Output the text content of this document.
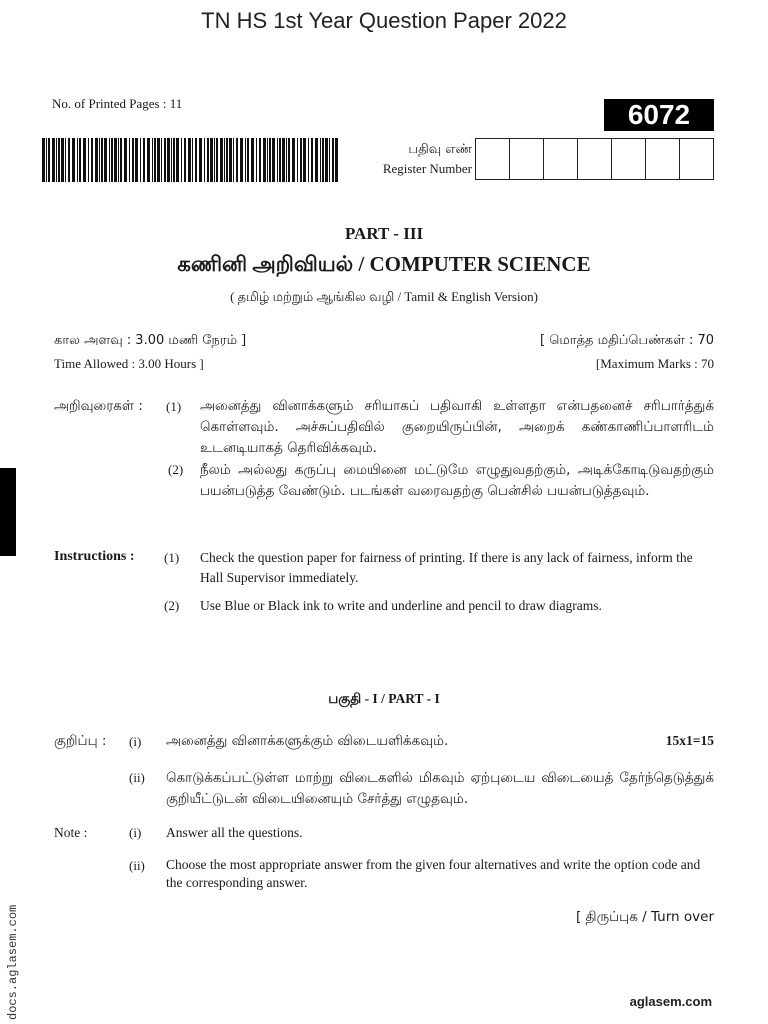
TN HS 1st Year Question Paper 2022
No. of Printed Pages : 11	6072
பதிவு எண்
Register Number
PART - III
கணினி அறிவியல் / COMPUTER SCIENCE
( தமிழ் மற்றும் ஆங்கில வழி / Tamil & English Version)
கால அளவு : 3.00 மணி நேரம் ]
Time Allowed : 3.00 Hours ]
[ மொத்த மதிப்பெண்கள் : 70
[Maximum Marks : 70
அறிவுரைகள் : (1) அனைத்து வினாக்களும் சரியாகப் பதிவாகி உள்ளதா என்பதனைச் சரிபார்த்துக் கொள்ளவும். அச்சுப்பதிவில் குறையிருப்பின், அறைக் கண்காணிப்பாளரிடம் உடனடியாகத் தெரிவிக்கவும்.
(2) நீலம் அல்லது கருப்பு மையினை மட்டுமே எழுதுவதற்கும், அடிக்கோடிடுவதற்கும் பயன்படுத்த வேண்டும். படங்கள் வரைவதற்கு பென்சில் பயன்படுத்தவும்.
Instructions : (1) Check the question paper for fairness of printing. If there is any lack of fairness, inform the Hall Supervisor immediately.
(2) Use Blue or Black ink to write and underline and pencil to draw diagrams.
பகுதி - I / PART - I
குறிப்பு : (i) அனைத்து வினாக்களுக்கும் விடையளிக்கவும்.	15x1=15
(ii) கொடுக்கப்பட்டுள்ள மாற்று விடைகளில் மிகவும் ஏற்புடைய விடையைத் தேர்ந்தெடுத்துக் குறியீட்டுடன் விடையினையும் சேர்த்து எழுதவும்.
Note :	(i) Answer all the questions.
(ii) Choose the most appropriate answer from the given four alternatives and write the option code and the corresponding answer.
[ திருப்புக / Turn over
docs.aglasem.com	aglasem.com
